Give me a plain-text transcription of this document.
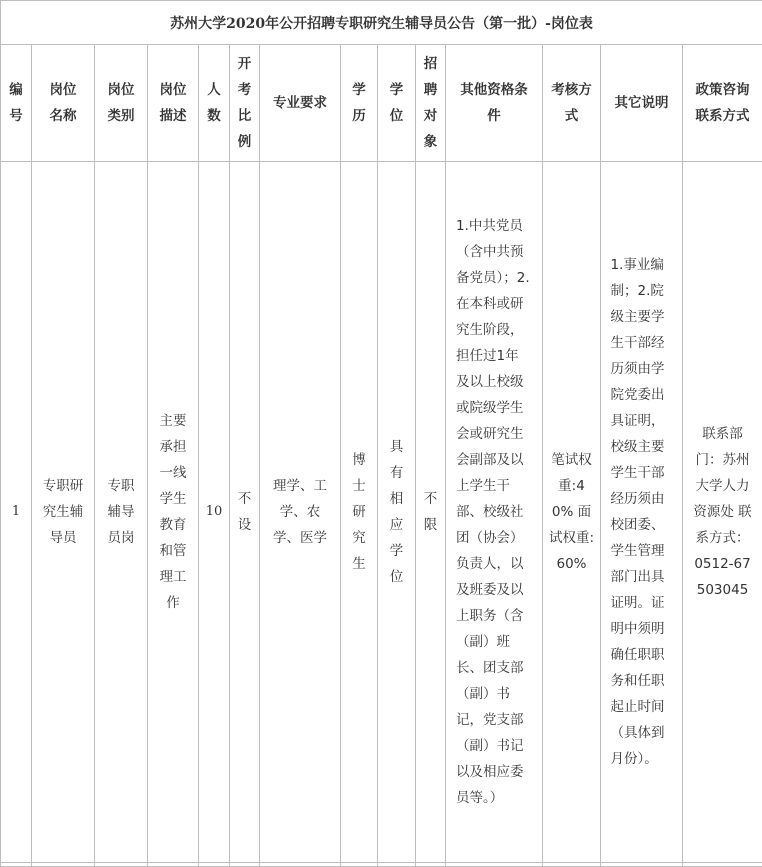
苏州大学2020年公开招聘专职研究生辅导员公告（第一批）-岗位表													

编号	岗位名称	岗位类别	岗位描述	人数	开考比例	专业要求	学历	学位	招聘对象	其他资格条件	考核方式	其它说明	政策咨询联系方式

1	专职研究生辅导员	专职辅导员岗	主要承担一线学生教育和管理工作	10	不设	理学、工学、农学、医学	博士研究生	具有相应学位	不限	1.中共党员（含中共预备党员）；2.在本科或研究生阶段，担任过1年及以上校级或院级学生会或研究生会副部及以上学生干部、校级社团（协会）负责人，以及班委及以上职务（含（副）班长、团支部（副）书记，党支部（副）书记以及相应委员等。）	笔试权重:40% 面试权重:60%	1.事业编制；2.院级主要学生干部经历须由学院党委出具证明，校级主要学生干部经历须由校团委、学生管理部门出具证明。证明中须明确任职职务和任职起止时间（具体到月份）。	联系部门：苏州大学人力资源处 联系方式：0512-67503045
